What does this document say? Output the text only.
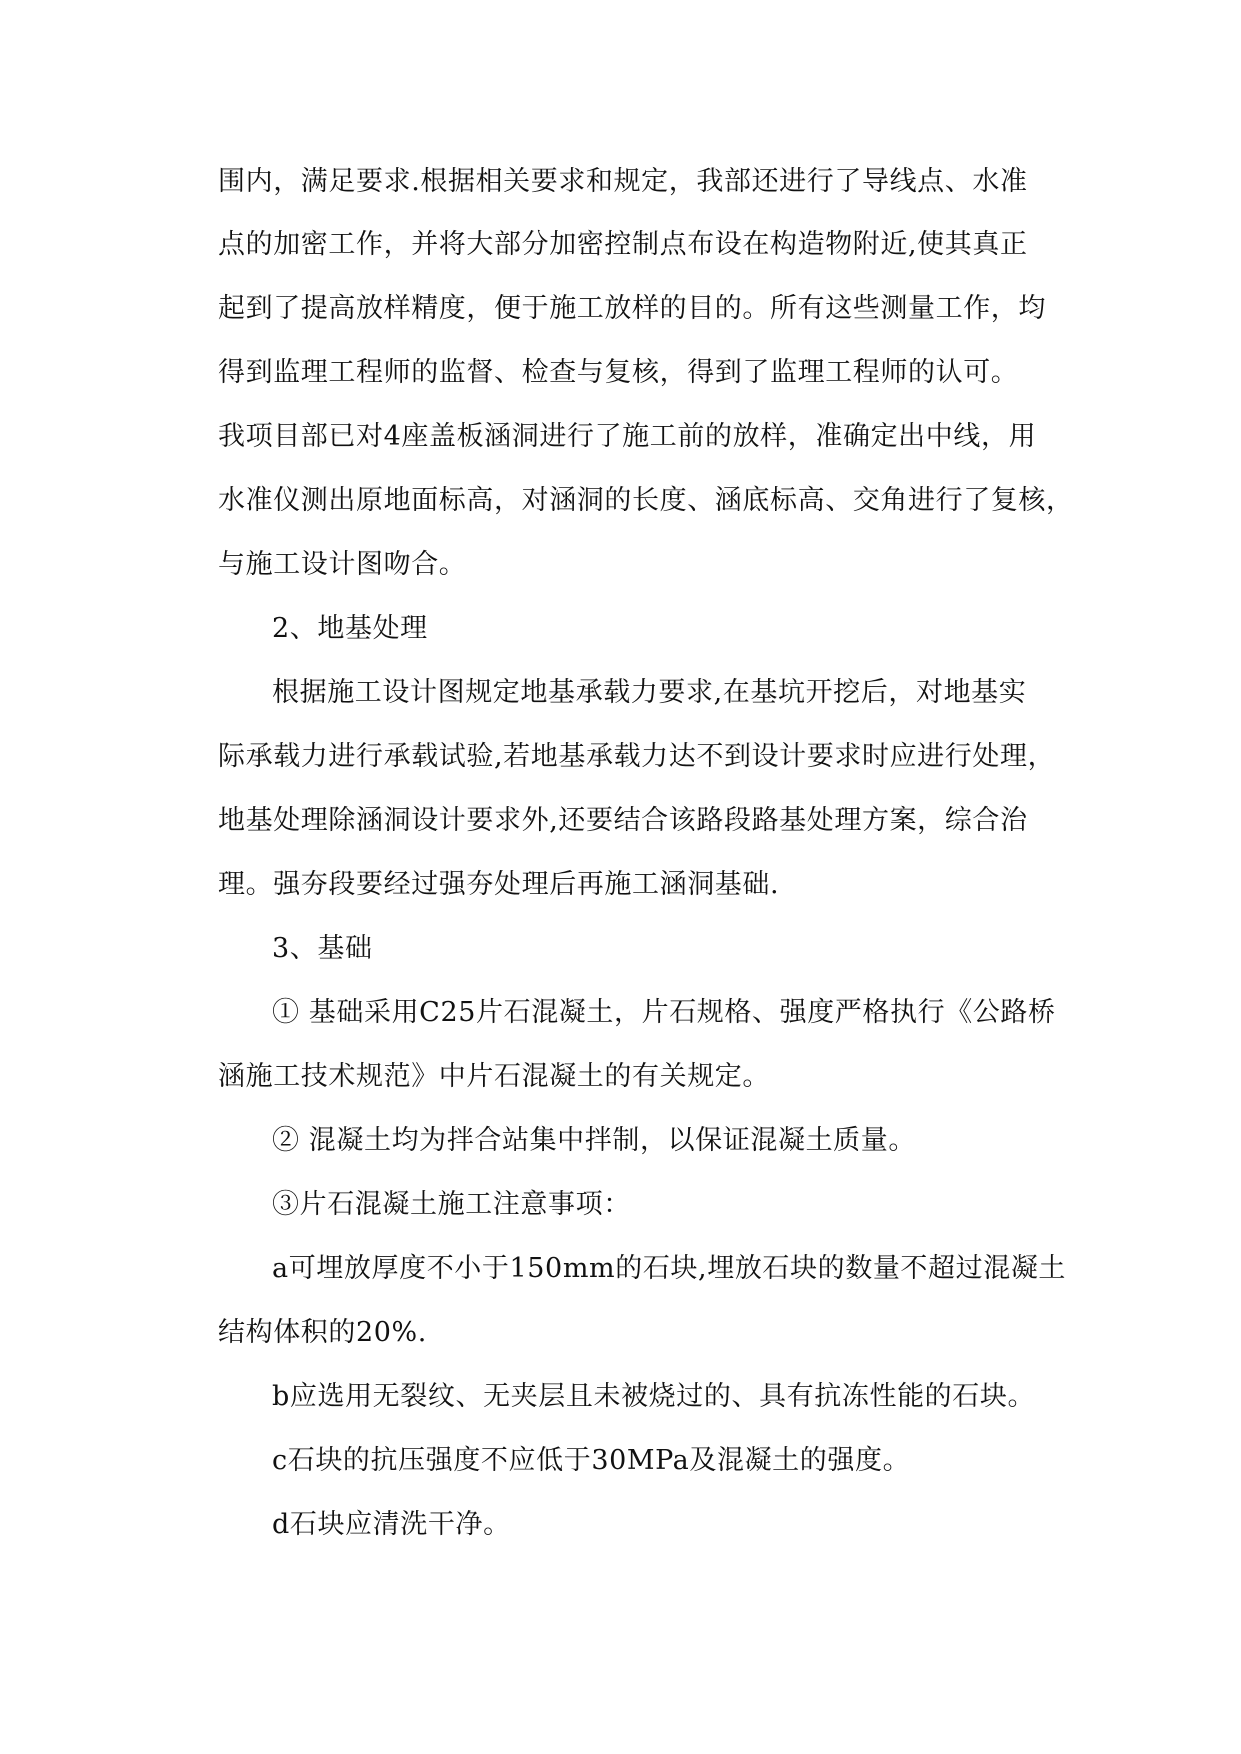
围内，满足要求.根据相关要求和规定，我部还进行了导线点、水准
点的加密工作，并将大部分加密控制点布设在构造物附近,使其真正
起到了提高放样精度，便于施工放样的目的。所有这些测量工作，均
得到监理工程师的监督、检查与复核，得到了监理工程师的认可。
我项目部已对4座盖板涵洞进行了施工前的放样，准确定出中线，用
水准仪测出原地面标高，对涵洞的长度、涵底标高、交角进行了复核，
与施工设计图吻合。
2、地基处理
根据施工设计图规定地基承载力要求,在基坑开挖后，对地基实
际承载力进行承载试验,若地基承载力达不到设计要求时应进行处理，
地基处理除涵洞设计要求外,还要结合该路段路基处理方案，综合治
理。强夯段要经过强夯处理后再施工涵洞基础.
3、基础
① 基础采用C25片石混凝土，片石规格、强度严格执行《公路桥
涵施工技术规范》中片石混凝土的有关规定。
② 混凝土均为拌合站集中拌制，以保证混凝土质量。
③片石混凝土施工注意事项：
a可埋放厚度不小于150mm的石块,埋放石块的数量不超过混凝土
结构体积的20%.
b应选用无裂纹、无夹层且未被烧过的、具有抗冻性能的石块。
c石块的抗压强度不应低于30MPa及混凝土的强度。
d石块应清洗干净。
